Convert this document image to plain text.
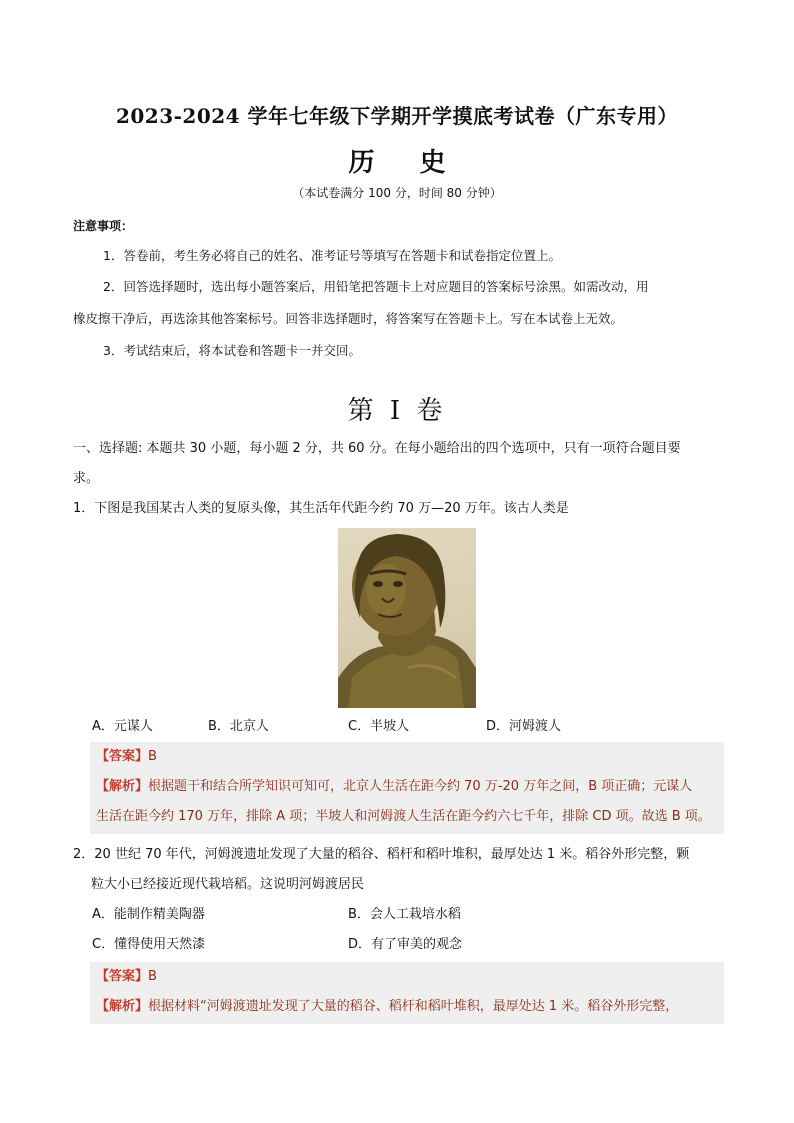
2023-2024 学年七年级下学期开学摸底考试卷（广东专用）
历 史
（本试卷满分 100 分，时间 80 分钟）
注意事项：

1．答卷前，考生务必将自己的姓名、准考证号等填写在答题卡和试卷指定位置上。

2．回答选择题时，选出每小题答案后，用铅笔把答题卡上对应题目的答案标号涂黑。如需改动，用

橡皮擦干净后，再选涂其他答案标号。回答非选择题时，将答案写在答题卡上。写在本试卷上无效。

3．考试结束后，将本试卷和答题卡一并交回。

第 I 卷
一、选择题: 本题共 30 小题，每小题 2 分，共 60 分。在每小题给出的四个选项中，只有一项符合题目要
求。
1．下图是我国某古人类的复原头像，其生活年代距今约 70 万—20 万年。该古人类是
A．元谋人	B．北京人	C．半坡人	D．河姆渡人

【答案】B

【解析】根据题干和结合所学知识可知可，北京人生活在距今约 70 万-20 万年之间，B 项正确；元谋人

生活在距今约 170 万年，排除 A 项；半坡人和河姆渡人生活在距今约六七千年，排除 CD 项。故选 B 项。

2．20 世纪 70 年代，河姆渡遗址发现了大量的稻谷、稻杆和稻叶堆积，最厚处达 1 米。稻谷外形完整，颗
粒大小已经接近现代栽培稻。这说明河姆渡居民
A．能制作精美陶器	B．会人工栽培水稻
C．懂得使用天然漆	D．有了审美的观念

【答案】B

【解析】根据材料“河姆渡遗址发现了大量的稻谷、稻杆和稻叶堆积，最厚处达 1 米。稻谷外形完整，
